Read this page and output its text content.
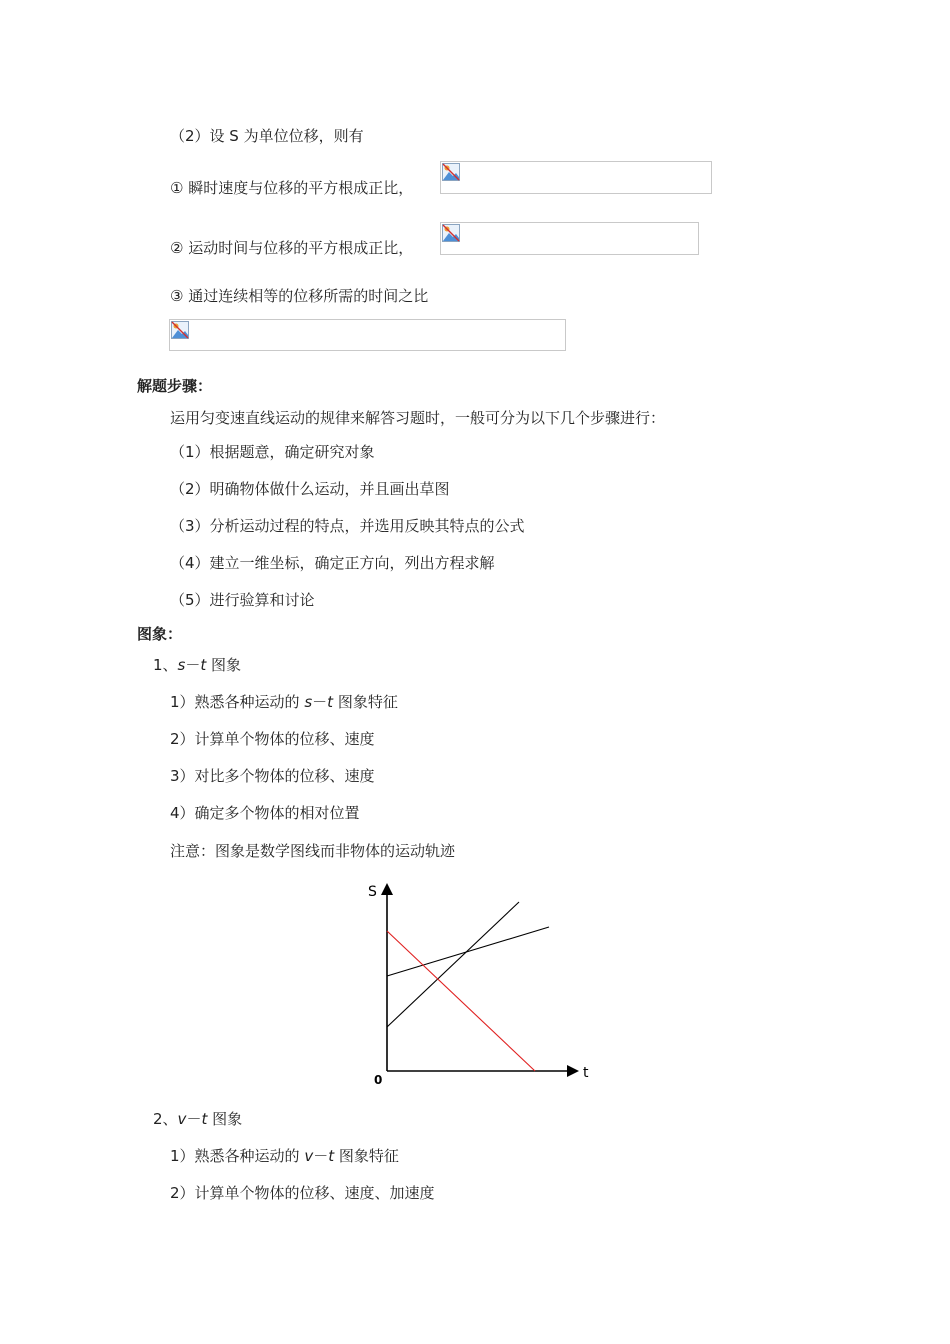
（2）设 S 为单位位移，则有
① 瞬时速度与位移的平方根成正比，
② 运动时间与位移的平方根成正比，
③ 通过连续相等的位移所需的时间之比
解题步骤：
运用匀变速直线运动的规律来解答习题时，一般可分为以下几个步骤进行：
（1）根据题意，确定研究对象
（2）明确物体做什么运动，并且画出草图
（3）分析运动过程的特点，并选用反映其特点的公式
（4）建立一维坐标，确定正方向，列出方程求解
（5）进行验算和讨论
图象：
1、s－t 图象
1）熟悉各种运动的 s－t 图象特征
2）计算单个物体的位移、速度
3）对比多个物体的位移、速度
4）确定多个物体的相对位置
注意：图象是数学图线而非物体的运动轨迹
S
t
0
2、v－t 图象
1）熟悉各种运动的 v－t 图象特征
2）计算单个物体的位移、速度、加速度
